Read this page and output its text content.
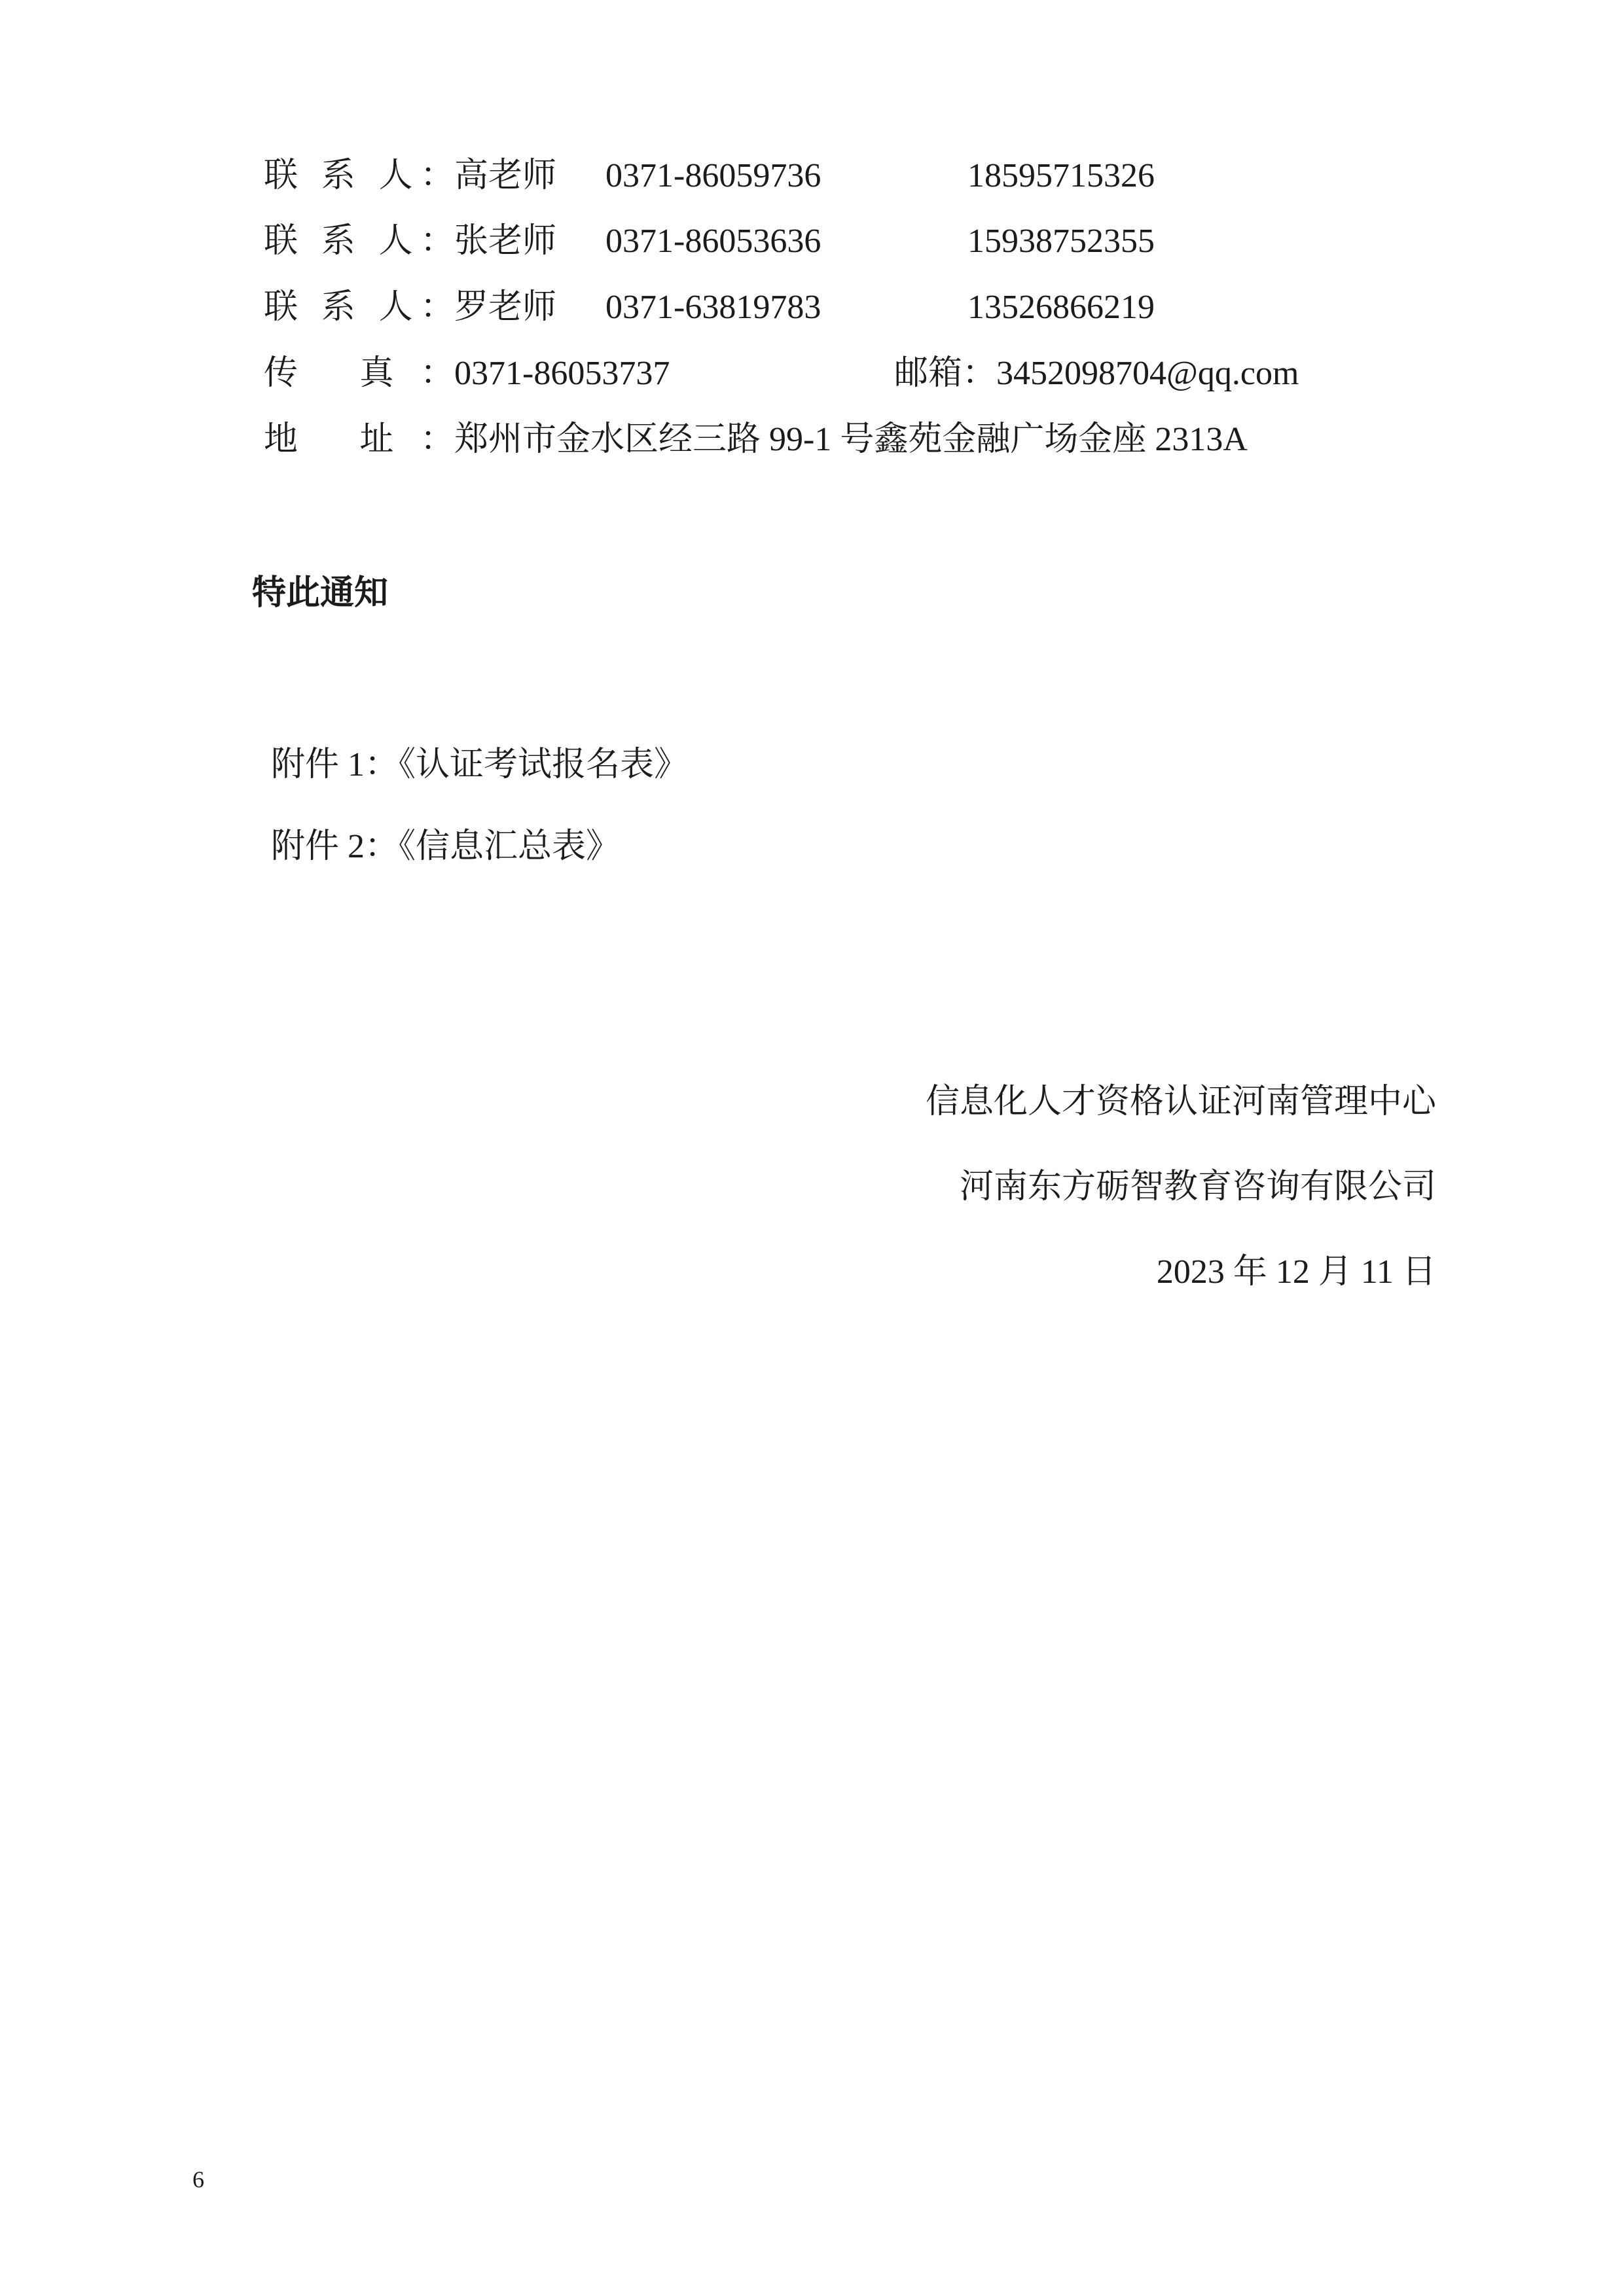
联 系 人： 高老师 0371-86059736	18595715326
联 系 人： 张老师 0371-86053636	15938752355
联 系 人： 罗老师 0371-63819783	13526866219
传 真： 0371-86053737	邮箱：3452098704@qq.com
地 址： 郑州市金水区经三路 99-1 号鑫苑金融广场金座 2313A
特此通知
附件 1：《认证考试报名表》
附件 2：《信息汇总表》
信息化人才资格认证河南管理中心
河南东方砺智教育咨询有限公司
2023 年 12 月 11 日
6
